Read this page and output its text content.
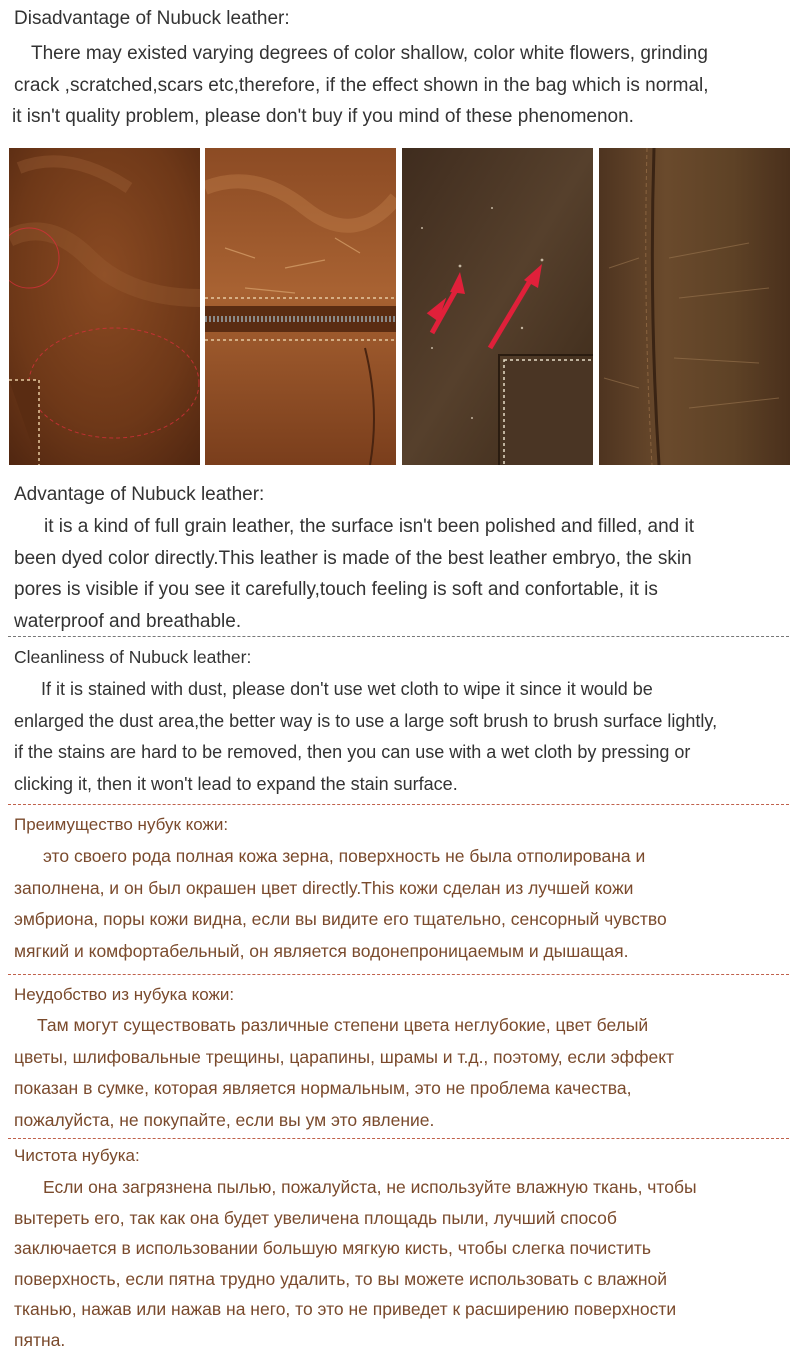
Disadvantage of Nubuck leather:
There may existed varying degrees of color shallow, color white flowers, grinding
crack ,scratched,scars etc,therefore, if the effect shown in the bag which is normal,
it isn't quality problem, please don't buy if you mind of these phenomenon.
Advantage of Nubuck leather:
it is a kind of full grain leather, the surface isn't been polished and filled, and it
been dyed color directly.This leather is made of the best leather embryo, the skin
pores is visible if you see it carefully,touch feeling is soft and confortable, it is
waterproof and breathable.
Cleanliness of Nubuck leather:
If it is stained with dust, please don't use wet cloth to wipe it since it would be
enlarged the dust area,the better way is to use a large soft brush to brush surface lightly,
if the stains are hard to be removed, then you can use with a wet cloth by pressing or
clicking it, then it won't lead to expand the stain surface.
Преимущество нубук кожи:
это своего рода полная кожа зерна, поверхность не была отполирована и
заполнена, и он был окрашен цвет directly.This кожи сделан из лучшей кожи
эмбриона, поры кожи видна, если вы видите его тщательно, сенсорный чувство
мягкий и комфортабельный, он является водонепроницаемым и дышащая.
Неудобство из нубука кожи:
Там могут существовать различные степени цвета неглубокие, цвет белый
цветы, шлифовальные трещины, царапины, шрамы и т.д., поэтому, если эффект
показан в сумке, которая является нормальным, это не проблема качества,
пожалуйста, не покупайте, если вы ум это явление.
Чистота нубука:
Если она загрязнена пылью, пожалуйста, не используйте влажную ткань, чтобы
вытереть его, так как она будет увеличена площадь пыли, лучший способ
заключается в использовании большую мягкую кисть, чтобы слегка почистить
поверхность, если пятна трудно удалить, то вы можете использовать с влажной
тканью, нажав или нажав на него, то это не приведет к расширению поверхности
пятна.
